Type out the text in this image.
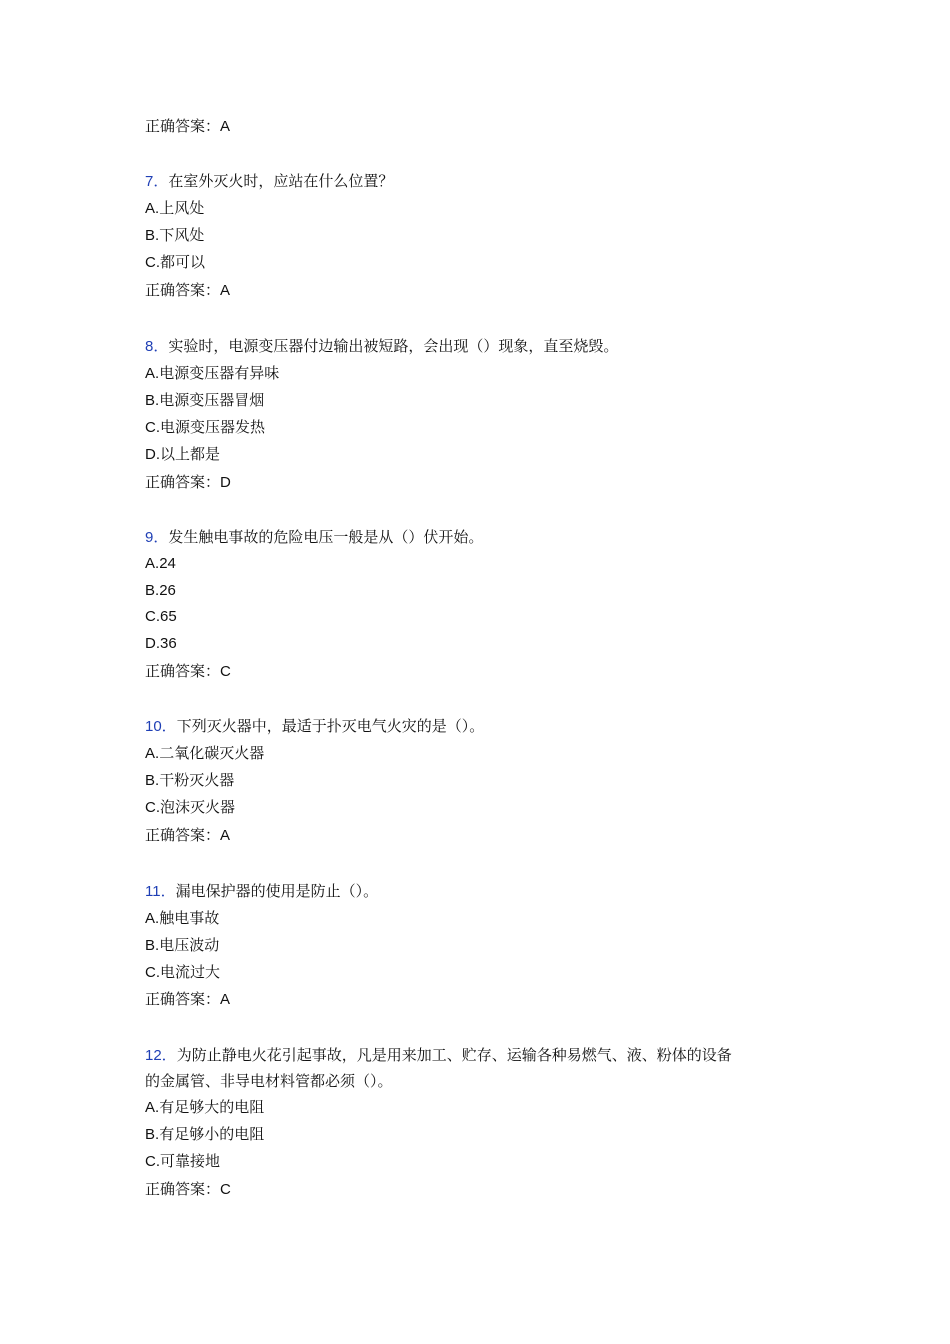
正确答案：A
7．在室外灭火时，应站在什么位置？
A.上风处
B.下风处
C.都可以
正确答案：A
8．实验时，电源变压器付边输出被短路，会出现（）现象，直至烧毁。
A.电源变压器有异味
B.电源变压器冒烟
C.电源变压器发热
D.以上都是
正确答案：D
9．发生触电事故的危险电压一般是从（）伏开始。
A.24
B.26
C.65
D.36
正确答案：C
10．下列灭火器中，最适于扑灭电气火灾的是（）。
A.二氧化碳灭火器
B.干粉灭火器
C.泡沫灭火器
正确答案：A
11．漏电保护器的使用是防止（）。
A.触电事故
B.电压波动
C.电流过大
正确答案：A
12．为防止静电火花引起事故，凡是用来加工、贮存、运输各种易燃气、液、粉体的设备
的金属管、非导电材料管都必须（）。
A.有足够大的电阻
B.有足够小的电阻
C.可靠接地
正确答案：C
